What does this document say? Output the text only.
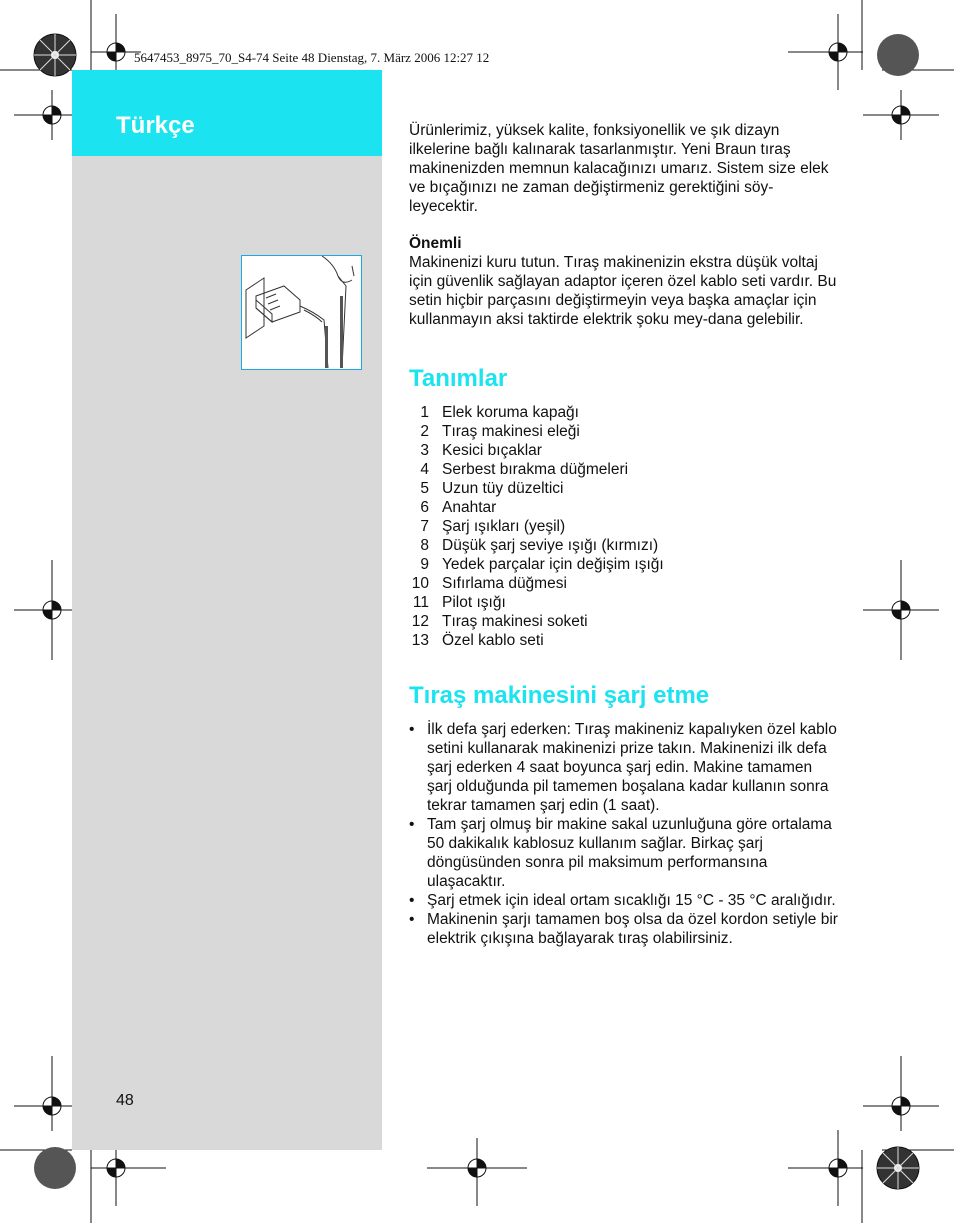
5647453_8975_70_S4-74 Seite 48 Dienstag, 7. März 2006 12:27 12
Türkçe
48

Ürünlerimiz, yüksek kalite, fonksiyonellik ve şık dizayn ilkelerine bağlı kalınarak tasarlanmıştır. Yeni Braun tıraş makinenizden memnun kalacağınızı umarız. Sistem size elek ve bıçağınızı ne zaman değiştirmeniz gerektiğini söy-leyecektir.

Önemli

Makinenizi kuru tutun. Tıraş makinenizin ekstra düşük voltaj için güvenlik sağlayan adaptor içeren özel kablo seti vardır. Bu setin hiçbir parçasını değiştirmeyin veya başka amaçlar için kullanmayın aksi taktirde elektrik şoku mey-dana gelebilir.

Tanımlar
1 Elek koruma kapağı
2 Tıraş makinesi eleği
3 Kesici bıçaklar
4 Serbest bırakma düğmeleri
5 Uzun tüy düzeltici
6 Anahtar
7 Şarj ışıkları (yeşil)
8 Düşük şarj seviye ışığı (kırmızı)
9 Yedek parçalar için değişim ışığı
10 Sıfırlama düğmesi
11 Pilot ışığı
12 Tıraş makinesi soketi
13 Özel kablo seti
Tıraş makinesini şarj etme
• İlk defa şarj ederken: Tıraş makineniz kapalıyken özel kablo setini kullanarak makinenizi prize takın. Makinenizi ilk defa şarj ederken 4 saat boyunca şarj edin. Makine tamamen şarj olduğunda pil tamemen boşalana kadar kullanın sonra tekrar tamamen şarj edin (1 saat).
• Tam şarj olmuş bir makine sakal uzunluğuna göre ortalama 50 dakikalık kablosuz kullanım sağlar. Birkaç şarj döngüsünden sonra pil maksimum performansına ulaşacaktır.
• Şarj etmek için ideal ortam sıcaklığı 15 °C - 35 °C aralığıdır.
• Makinenin şarjı tamamen boş olsa da özel kordon setiyle bir elektrik çıkışına bağlayarak tıraş olabilirsiniz.
